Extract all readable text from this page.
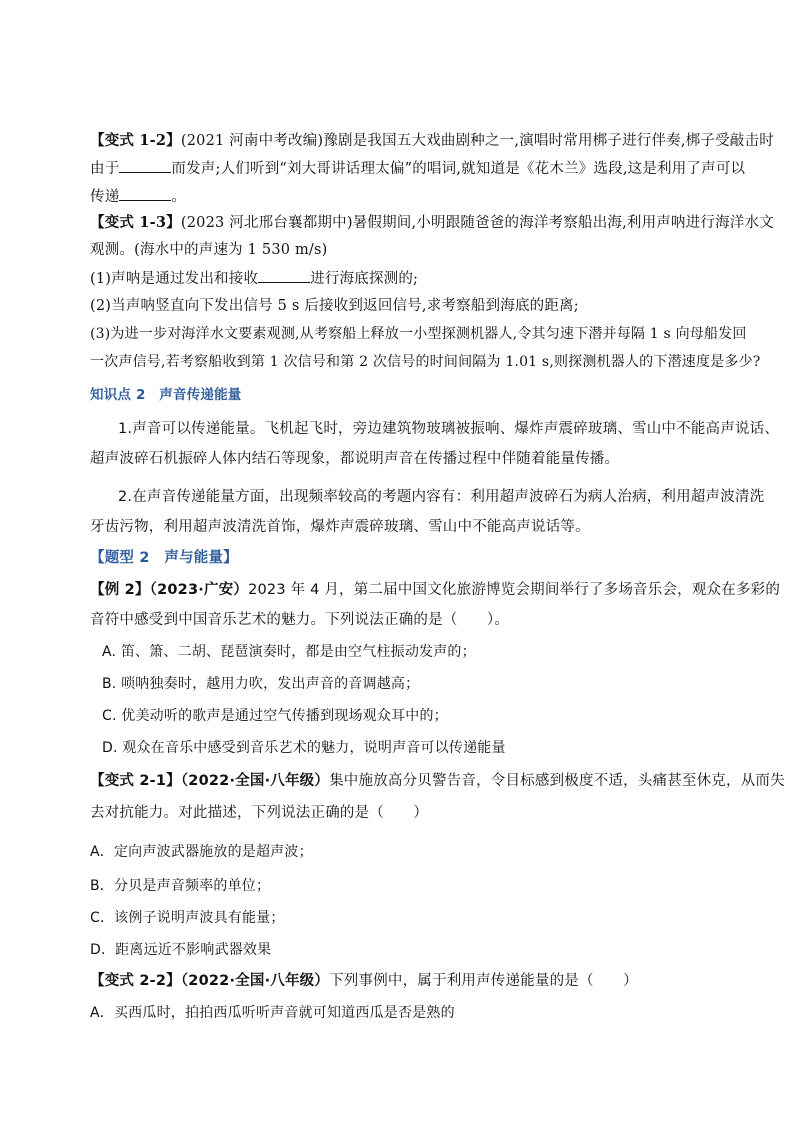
【变式 1-2】(2021 河南中考改编)豫剧是我国五大戏曲剧种之一,演唱时常用梆子进行伴奏,梆子受敲击时
由于	而发声;人们听到“刘大哥讲话理太偏”的唱词,就知道是《花木兰》选段,这是利用了声可以
传递	。
【变式 1-3】(2023 河北邢台襄都期中)暑假期间,小明跟随爸爸的海洋考察船出海,利用声呐进行海洋水文
观测。(海水中的声速为 1 530 m/s)
(1)声呐是通过发出和接收	进行海底探测的;
(2)当声呐竖直向下发出信号 5 s 后接收到返回信号,求考察船到海底的距离;
(3)为进一步对海洋水文要素观测,从考察船上释放一小型探测机器人,令其匀速下潜并每隔 1 s 向母船发回
一次声信号,若考察船收到第 1 次信号和第 2 次信号的时间间隔为 1.01 s,则探测机器人的下潜速度是多少?
知识点 2　声音传递能量
1.声音可以传递能量。飞机起飞时，旁边建筑物玻璃被振响、爆炸声震碎玻璃、雪山中不能高声说话、
超声波碎石机振碎人体内结石等现象，都说明声音在传播过程中伴随着能量传播。
2.在声音传递能量方面，出现频率较高的考题内容有：利用超声波碎石为病人治病，利用超声波清洗
牙齿污物，利用超声波清洗首饰，爆炸声震碎玻璃、雪山中不能高声说话等。
【题型 2　声与能量】
【例 2】（2023·广安）2023 年 4 月，第二届中国文化旅游博览会期间举行了多场音乐会，观众在多彩的
音符中感受到中国音乐艺术的魅力。下列说法正确的是（　　）。
A. 笛、箫、二胡、琵琶演奏时，都是由空气柱振动发声的；
B. 唢呐独奏时，越用力吹，发出声音的音调越高；
C. 优美动听的歌声是通过空气传播到现场观众耳中的；
D. 观众在音乐中感受到音乐艺术的魅力，说明声音可以传递能量
【变式 2-1】（2022·全国·八年级）集中施放高分贝警告音，令目标感到极度不适，头痛甚至休克，从而失
去对抗能力。对此描述，下列说法正确的是（　　）
A．定向声波武器施放的是超声波；
B．分贝是声音频率的单位；
C．该例子说明声波具有能量；
D．距离远近不影响武器效果
【变式 2-2】（2022·全国·八年级）下列事例中，属于利用声传递能量的是（　　）
A．买西瓜时，拍拍西瓜听听声音就可知道西瓜是否是熟的
